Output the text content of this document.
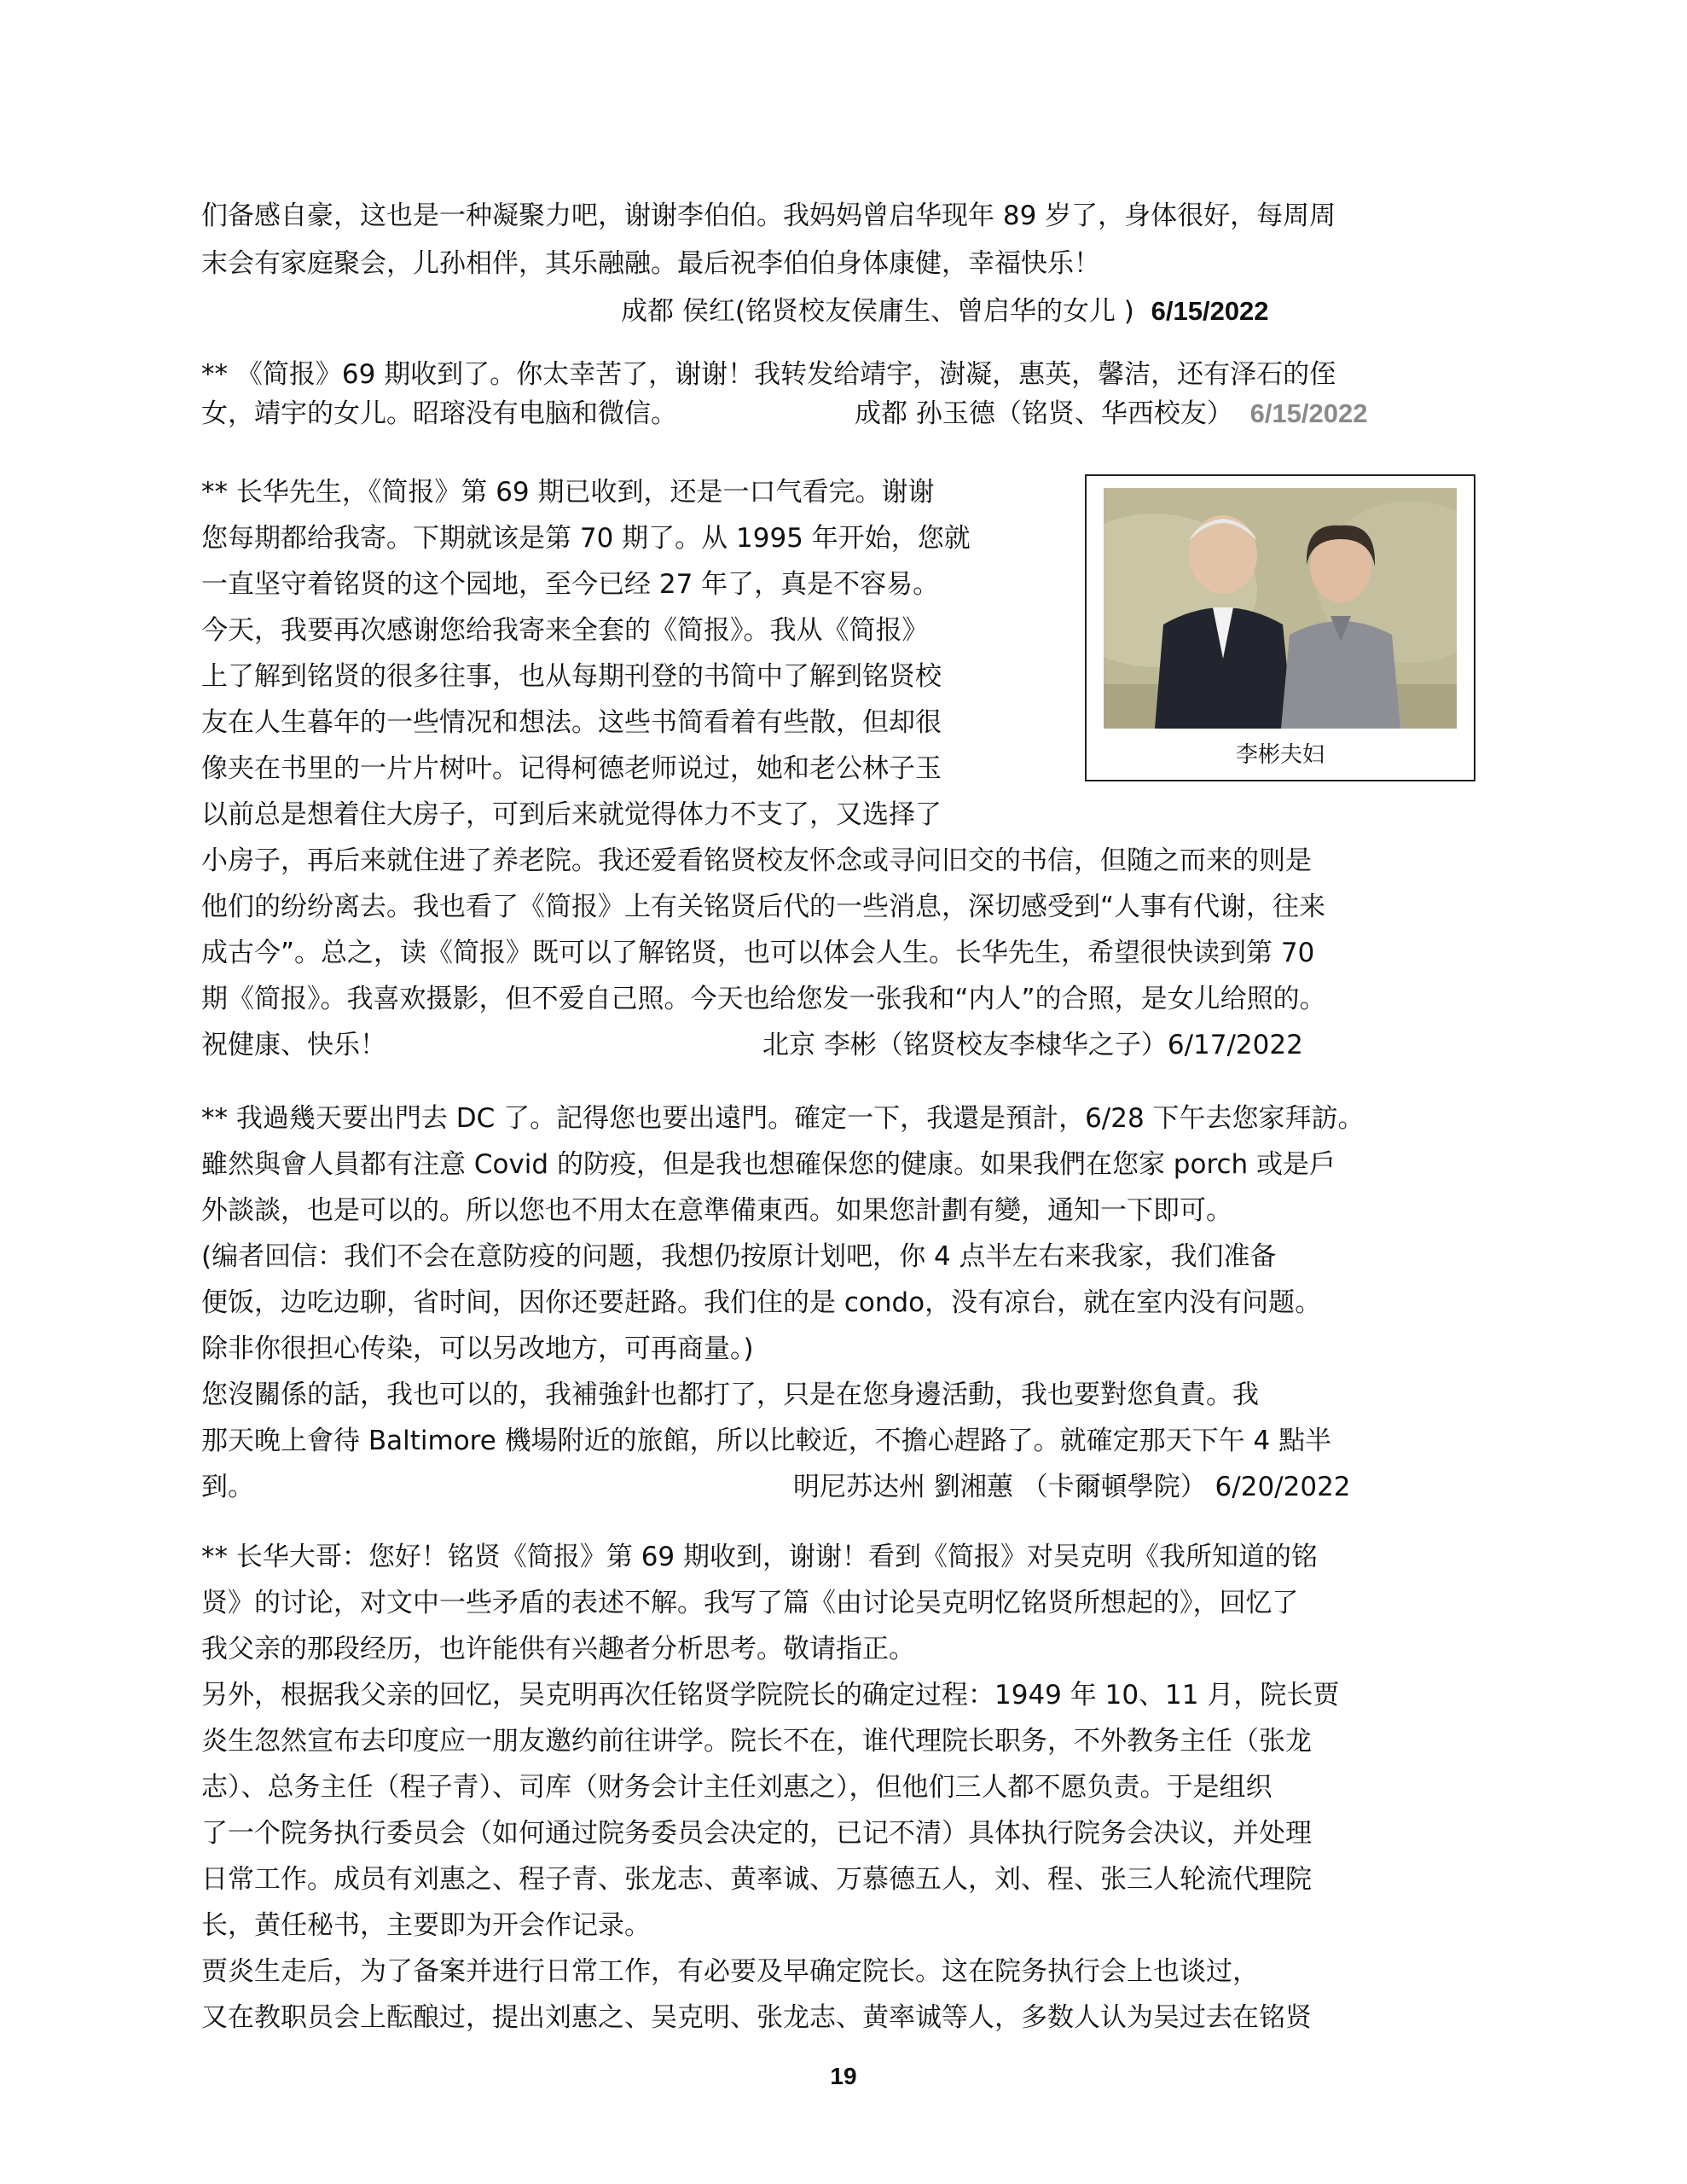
们备感自豪，这也是一种凝聚力吧，谢谢李伯伯。我妈妈曾启华现年 89 岁了，身体很好，每周周
末会有家庭聚会，儿孙相伴，其乐融融。最后祝李伯伯身体康健，幸福快乐！
成都 侯红(铭贤校友侯庸生、曾启华的女儿 ) 6/15/2022
** 《简报》69 期收到了。你太幸苦了，谢谢！我转发给靖宇，澍凝，惠英，馨洁，还有泽石的侄
女，靖宇的女儿。昭瑢没有电脑和微信。	成都 孙玉德（铭贤、华西校友） 6/15/2022
** 长华先生，《简报》第 69 期已收到，还是一口气看完。谢谢
您每期都给我寄。下期就该是第 70 期了。从 1995 年开始，您就
一直坚守着铭贤的这个园地，至今已经 27 年了，真是不容易。
今天，我要再次感谢您给我寄来全套的《简报》。我从《简报》
上了解到铭贤的很多往事，也从每期刊登的书简中了解到铭贤校
友在人生暮年的一些情况和想法。这些书简看着有些散，但却很
像夹在书里的一片片树叶。记得柯德老师说过，她和老公林子玉
以前总是想着住大房子，可到后来就觉得体力不支了，又选择了
小房子，再后来就住进了养老院。我还爱看铭贤校友怀念或寻问旧交的书信，但随之而来的则是
他们的纷纷离去。我也看了《简报》上有关铭贤后代的一些消息，深切感受到“人事有代谢，往来
成古今”。总之，读《简报》既可以了解铭贤，也可以体会人生。长华先生，希望很快读到第 70
期《简报》。我喜欢摄影，但不爱自己照。今天也给您发一张我和“内人”的合照，是女儿给照的。
祝健康、快乐！	北京 李彬（铭贤校友李棣华之子）6/17/2022
李彬夫妇
** 我過幾天要出門去 DC 了。記得您也要出遠門。確定一下，我還是預計，6/28 下午去您家拜訪。
雖然與會人員都有注意 Covid 的防疫，但是我也想確保您的健康。如果我們在您家 porch 或是戶
外談談，也是可以的。所以您也不用太在意準備東西。如果您計劃有變，通知一下即可。
(编者回信：我们不会在意防疫的问题，我想仍按原计划吧，你 4 点半左右来我家，我们准备
便饭，边吃边聊，省时间，因你还要赶路。我们住的是 condo，没有凉台，就在室内没有问题。
除非你很担心传染，可以另改地方，可再商量。)
您沒關係的話，我也可以的，我補強針也都打了，只是在您身邊活動，我也要對您負責。我
那天晚上會待 Baltimore 機場附近的旅館，所以比較近，不擔心趕路了。就確定那天下午 4 點半
到。	明尼苏达州 劉湘蕙 （卡爾頓學院） 6/20/2022
** 长华大哥：您好！铭贤《简报》第 69 期收到，谢谢！看到《简报》对吴克明《我所知道的铭
贤》的讨论，对文中一些矛盾的表述不解。我写了篇《由讨论吴克明忆铭贤所想起的》，回忆了
我父亲的那段经历，也许能供有兴趣者分析思考。敬请指正。
另外，根据我父亲的回忆，吴克明再次任铭贤学院院长的确定过程：1949 年 10、11 月，院长贾
炎生忽然宣布去印度应一朋友邀约前往讲学。院长不在，谁代理院长职务，不外教务主任（张龙
志）、总务主任（程子青）、司库（财务会计主任刘惠之），但他们三人都不愿负责。于是组织
了一个院务执行委员会（如何通过院务委员会决定的，已记不清）具体执行院务会决议，并处理
日常工作。成员有刘惠之、程子青、张龙志、黄率诚、万慕德五人，刘、程、张三人轮流代理院
长，黄任秘书，主要即为开会作记录。
贾炎生走后，为了备案并进行日常工作，有必要及早确定院长。这在院务执行会上也谈过，
又在教职员会上酝酿过，提出刘惠之、吴克明、张龙志、黄率诚等人，多数人认为吴过去在铭贤
19
